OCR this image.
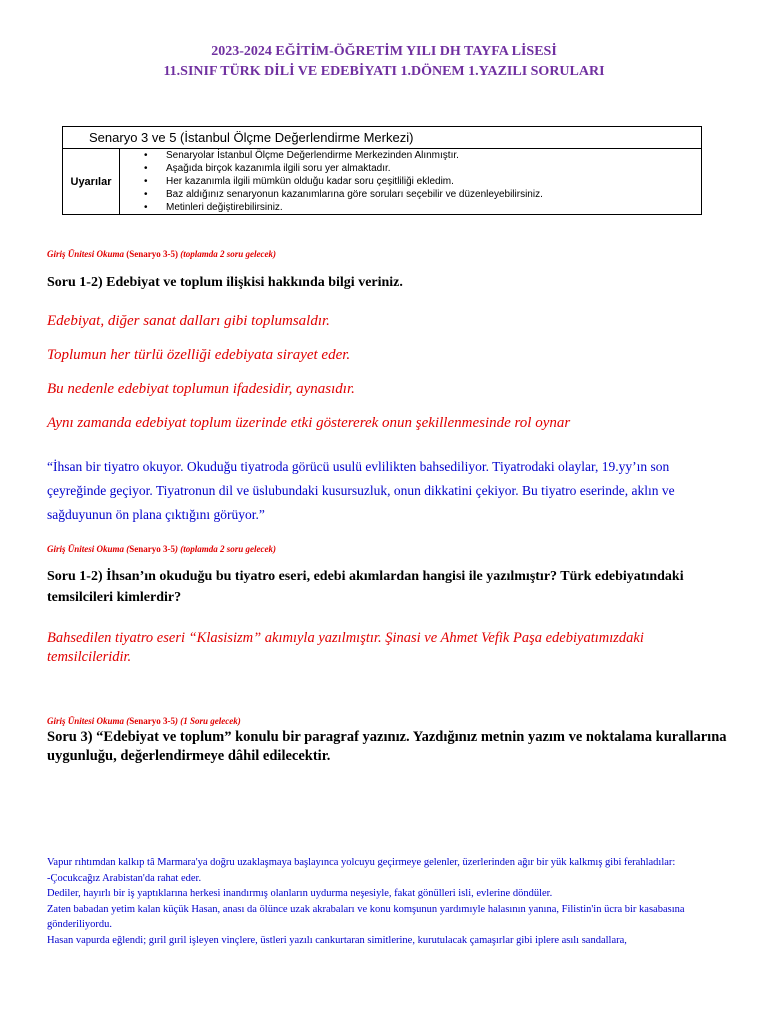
2023-2024 EĞİTİM-ÖĞRETİM YILI DH TAYFA LİSESİ
11.SINIF TÜRK DİLİ VE EDEBİYATI 1.DÖNEM 1.YAZILI SORULARI
Senaryo 3 ve 5 (İstanbul Ölçme Değerlendirme Merkezi)
Uyarılar	
• Senaryolar İstanbul Ölçme Değerlendirme Merkezinden Alınmıştır.
• Aşağıda birçok kazanımla ilgili soru yer almaktadır.
• Her kazanımla ilgili mümkün olduğu kadar soru çeşitliliği ekledim.
• Baz aldığınız senaryonun kazanımlarına göre soruları seçebilir ve düzenleyebilirsiniz.
• Metinleri değiştirebilirsiniz.
Giriş Ünitesi Okuma (Senaryo 3-5) (toplamda 2 soru gelecek)
Soru 1-2) Edebiyat ve toplum ilişkisi hakkında bilgi veriniz.
Edebiyat, diğer sanat dalları gibi toplumsaldır.
Toplumun her türlü özelliği edebiyata sirayet eder.
Bu nedenle edebiyat toplumun ifadesidir, aynasıdır.
Aynı zamanda edebiyat toplum üzerinde etki göstererek onun şekillenmesinde rol oynar
“İhsan bir tiyatro okuyor. Okuduğu tiyatroda görücü usulü evlilikten bahsediliyor. Tiyatrodaki olaylar, 19.yy’ın son çeyreğinde geçiyor. Tiyatronun dil ve üslubundaki kusursuzluk, onun dikkatini çekiyor. Bu tiyatro eserinde, aklın ve sağduyunun ön plana çıktığını görüyor.”
Giriş Ünitesi Okuma (Senaryo 3-5) (toplamda 2 soru gelecek)
Soru 1-2) İhsan’ın okuduğu bu tiyatro eseri, edebi akımlardan hangisi ile yazılmıştır? Türk edebiyatındaki temsilcileri kimlerdir?
Bahsedilen tiyatro eseri “Klasisizm” akımıyla yazılmıştır. Şinasi ve Ahmet Vefik Paşa edebiyatımızdaki temsilcileridir.
Giriş Ünitesi Okuma (Senaryo 3-5) (1 Soru gelecek)
Soru 3) “Edebiyat ve toplum” konulu bir paragraf yazınız. Yazdığınız metnin yazım ve noktalama kurallarına uygunluğu, değerlendirmeye dâhil edilecektir.

Vapur rıhtımdan kalkıp tâ Marmara'ya doğru uzaklaşmaya başlayınca yolcuyu geçirmeye gelenler, üzerlerinden ağır bir yük kalkmış gibi ferahladılar:

-Çocukcağız Arabistan'da rahat eder.

Dediler, hayırlı bir iş yaptıklarına herkesi inandırmış olanların uydurma neşesiyle, fakat gönülleri isli, evlerine döndüler.

Zaten babadan yetim kalan küçük Hasan, anası da ölünce uzak akrabaları ve konu komşunun yardımıyle halasının yanına, Filistin'in ücra bir kasabasına gönderiliyordu.

Hasan vapurda eğlendi; gıril gıril işleyen vinçlere, üstleri yazılı cankurtaran simitlerine, kurutulacak çamaşırlar gibi iplere asılı sandallara,
